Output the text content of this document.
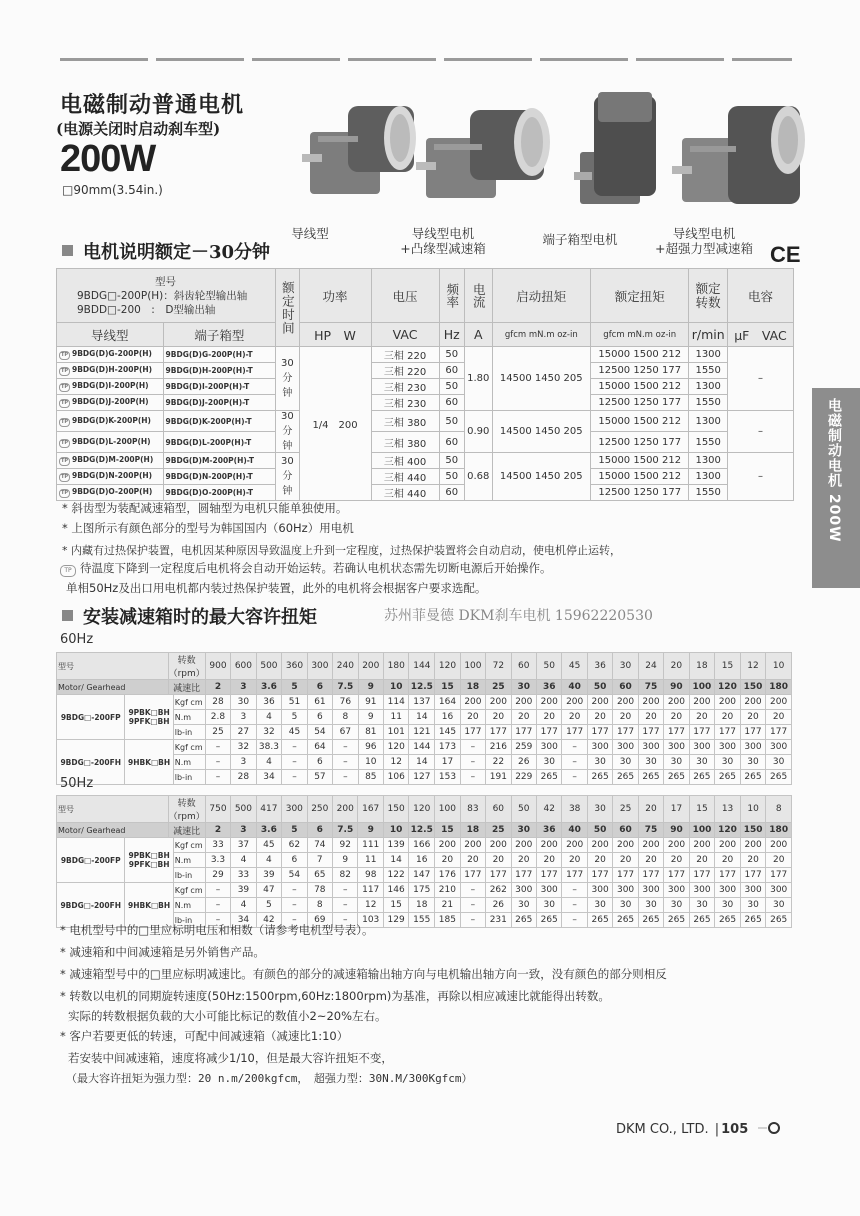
电磁制动普通电机
(电源关闭时启动刹车型)
200W
□90mm(3.54in.)
导线型	导线型电机
+凸缘型减速箱
端子箱型电机	导线型电机
+超强力型减速箱
电机说明额定－30分钟	CE
型号
9BDG□-200P(H)：斜齿轮型输出轴
9BDD□-200　:　D型输出轴		额定时间	功率	电压	频率	电流	启动扭矩	额定扭矩	额定转数	电容
导线型	端子箱型		HP　W	VAC	Hz	A	gfcm mN.m oz-in	gfcm mN.m oz-in	r/min	μF　VAC
TP 9BDG(D)G-200P(H)	9BDG(D)G-200P(H)-T	30分钟	1/4　200	三相 220	50	1.80	14500 1450 205	15000 1500 212	1300	–
TP 9BDG(D)H-200P(H)	9BDG(D)H-200P(H)-T			三相 220	60			12500 1250 177	1550	
TP 9BDG(D)I-200P(H)	9BDG(D)I-200P(H)-T			三相 230	50			15000 1500 212	1300	
TP 9BDG(D)J-200P(H)	9BDG(D)J-200P(H)-T			三相 230	60			12500 1250 177	1550	
TP 9BDG(D)K-200P(H)	9BDG(D)K-200P(H)-T	30分钟		三相 380	50	0.90	14500 1450 205	15000 1500 212	1300	–
TP 9BDG(D)L-200P(H)	9BDG(D)L-200P(H)-T			三相 380	60			12500 1250 177	1550	
TP 9BDG(D)M-200P(H)	9BDG(D)M-200P(H)-T	30分钟		三相 400	50	0.68	14500 1450 205	15000 1500 212	1300	–
TP 9BDG(D)N-200P(H)	9BDG(D)N-200P(H)-T			三相 440	50			15000 1500 212	1300	
TP 9BDG(D)O-200P(H)	9BDG(D)O-200P(H)-T			三相 440	60			12500 1250 177	1550		电磁制动电机 200W
* 斜齿型为装配减速箱型，圆轴型为电机只能单独使用。
* 上图所示有颜色部分的型号为韩国国内（60Hz）用电机
* 内藏有过热保护装置，电机因某种原因导致温度上升到一定程度，过热保护装置将会自动启动，使电机停止运转，
TP 待温度下降到一定程度后电机将会自动开始运转。若确认电机状态需先切断电源后开始操作。
单相50Hz及出口用电机都内装过热保护装置，此外的电机将会根据客户要求选配。
安装减速箱时的最大容许扭矩	苏州菲曼德 DKM刹车电机 15962220530
60Hz
型号		转数（rpm）		900	600	500	360	300	240	200	180	144	120	100	72	60	50	45	36	30	24	20	18	15	12	10
Motor/ Gearhead		减速比		2	3	3.6	5	6	7.5	9	10	12.5	15	18	25	30	36	40	50	60	75	90	100	120	150	180
9BDG□-200FP	9PBK□BH
9PFK□BH		Kgf cm	28	30	36	51	61	76	91	114	137	164	200	200	200	200	200	200	200	200	200	200	200	200	200
			N.m	2.8	3	4	5	6	8	9	11	14	16	20	20	20	20	20	20	20	20	20	20	20	20	20
			lb-in	25	27	32	45	54	67	81	101	121	145	177	177	177	177	177	177	177	177	177	177	177	177	177
9BDG□-200FH	9HBK□BH		Kgf cm	–	32	38.3	–	64	–	96	120	144	173	–	216	259	300	–	300	300	300	300	300	300	300	300
			N.m	–	3	4	–	6	–	10	12	14	17	–	22	26	30	–	30	30	30	30	30	30	30	30
			lb-in	–	28	34	–	57	–	85	106	127	153	–	191	229	265	–	265	265	265	265	265	265	265	265
50Hz
型号		转数（rpm）		750	500	417	300	250	200	167	150	120	100	83	60	50	42	38	30	25	20	17	15	13	10	8
Motor/ Gearhead		减速比		2	3	3.6	5	6	7.5	9	10	12.5	15	18	25	30	36	40	50	60	75	90	100	120	150	180
9BDG□-200FP	9PBK□BH
9PFK□BH		Kgf cm	33	37	45	62	74	92	111	139	166	200	200	200	200	200	200	200	200	200	200	200	200	200	200
			N.m	3.3	4	4	6	7	9	11	14	16	20	20	20	20	20	20	20	20	20	20	20	20	20	20
			lb-in	29	33	39	54	65	82	98	122	147	176	177	177	177	177	177	177	177	177	177	177	177	177	177
9BDG□-200FH	9HBK□BH		Kgf cm	–	39	47	–	78	–	117	146	175	210	–	262	300	300	–	300	300	300	300	300	300	300	300
			N.m	–	4	5	–	8	–	12	15	18	21	–	26	30	30	–	30	30	30	30	30	30	30	30
			lb-in	–	34	42	–	69	–	103	129	155	185	–	231	265	265	–	265	265	265	265	265	265	265	265
* 电机型号中的□里应标明电压和相数（请参考电机型号表）。
* 减速箱和中间减速箱是另外销售产品。
* 减速箱型号中的□里应标明减速比。有颜色的部分的减速箱输出轴方向与电机输出轴方向一致，没有颜色的部分则相反
* 转数以电机的同期旋转速度(50Hz:1500rpm,60Hz:1800rpm)为基准，再除以相应减速比就能得出转数。
实际的转数根据负载的大小可能比标记的数值小2~20%左右。
* 客户若要更低的转速，可配中间减速箱（减速比1:10）
若安装中间减速箱，速度将减少1/10，但是最大容许扭矩不变，
（最大容许扭矩为强力型：20 n.m/200kgfcm，　超强力型：30N.M/300Kgfcm）
DKM CO., LTD. | 105
